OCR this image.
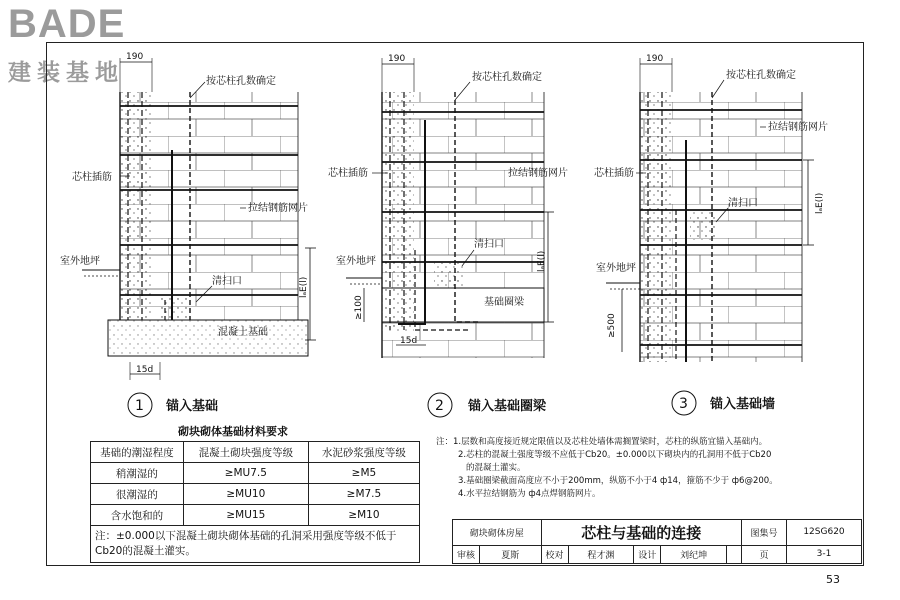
BADE
建装基地
190
lₐE(l)
15d
按芯柱孔数确定
芯柱插筋
拉结钢筋网片
室外地坪
清扫口
混凝土基础
190
lₐE(l)
≥100
15d
按芯柱孔数确定
芯柱插筋	拉结钢筋网片
室外地坪
清扫口
基础圈梁
190
lₐE(l)
≥500
按芯柱孔数确定
拉结钢筋网片
芯柱插筋
清扫口
室外地坪
1 锚入基础	2 锚入基础圈梁	3 锚入基础墙
砌块砌体基础材料要求
基础的潮湿程度	混凝土砌块强度等级	水泥砂浆强度等级
稍潮湿的	≥MU7.5	≥M5
很潮湿的	≥MU10	≥M7.5
含水饱和的	≥MU15	≥M10
注：±0.000以下混凝土砌块砌体基础的孔洞采用强度等级不低于Cb20的混凝土灌实。		
注：1.层数和高度接近规定限值以及芯柱处墙体需搁置梁时，芯柱的纵筋宜锚入基础内。
2.芯柱的混凝土强度等级不应低于Cb20。±0.000以下砌块内的孔洞用不低于Cb20
的混凝土灌实。
3.基础圈梁截面高度应不小于200mm，纵筋不小于4 ф14，箍筋不少于 ф6@200。
4.水平拉结钢筋为 ф4点焊钢筋网片。
砌块砌体房屋		芯柱与基础的连接					图集号	12SG620
审核	夏斯	校对	程才渊	设计	刘纪坤		页	3-1
53
